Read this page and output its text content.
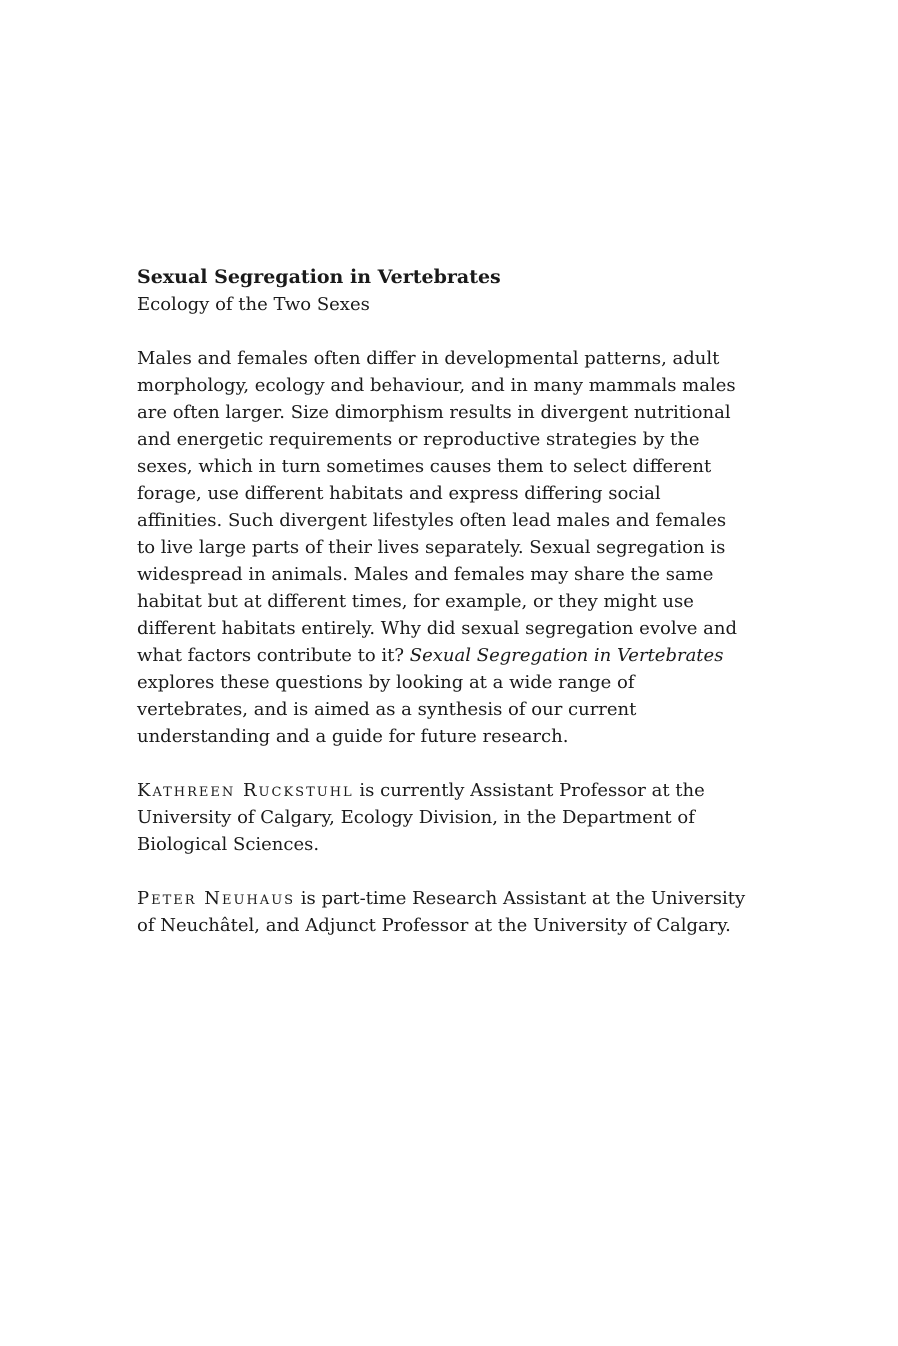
Sexual Segregation in Vertebrates

Ecology of the Two Sexes

Males and females often differ in developmental patterns, adult morphology, ecology and behaviour, and in many mammals males are often larger. Size dimorphism results in divergent nutritional and energetic requirements or reproductive strategies by the sexes, which in turn sometimes causes them to select different forage, use different habitats and express differing social affinities. Such divergent lifestyles often lead males and females to live large parts of their lives separately. Sexual segregation is widespread in animals. Males and females may share the same habitat but at different times, for example, or they might use different habitats entirely. Why did sexual segregation evolve and what factors contribute to it? Sexual Segregation in Vertebrates explores these questions by looking at a wide range of vertebrates, and is aimed as a synthesis of our current understanding and a guide for future research.

Kathreen Ruckstuhl is currently Assistant Professor at the University of Calgary, Ecology Division, in the Department of Biological Sciences.

Peter Neuhaus is part-time Research Assistant at the University of Neuchâtel, and Adjunct Professor at the University of Calgary.
